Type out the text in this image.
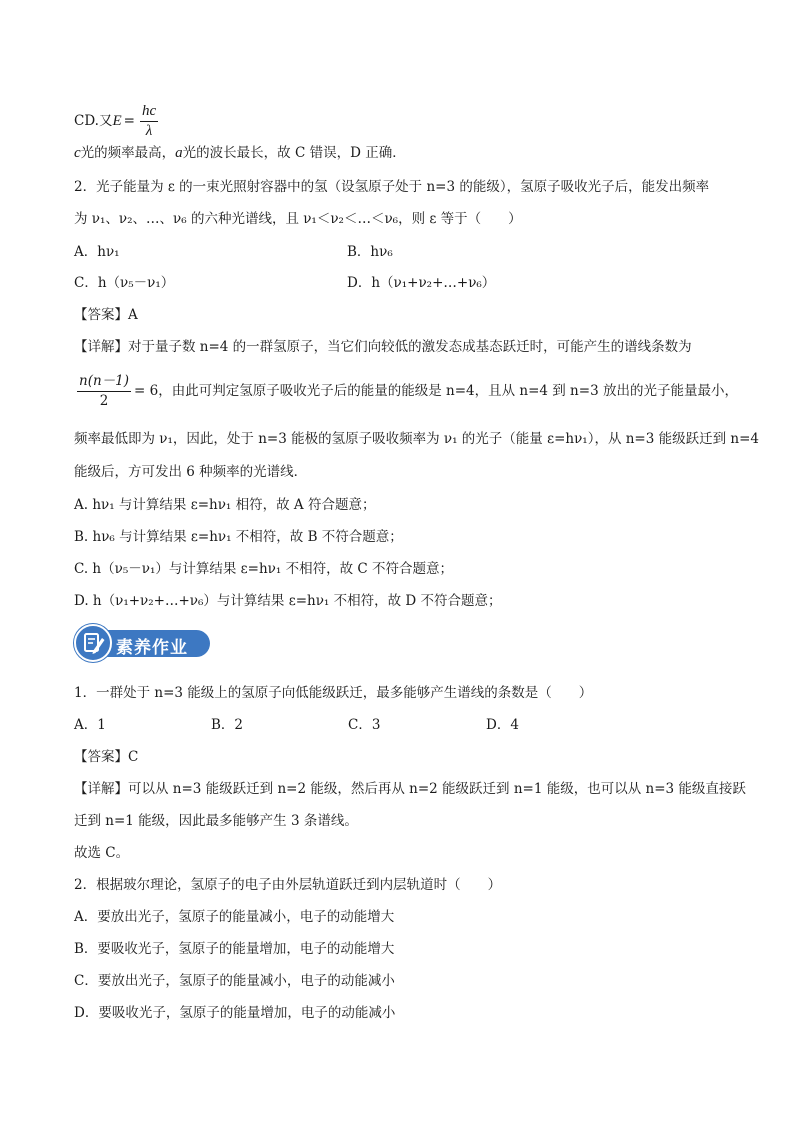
CD.又$E = \frac{hc}{\lambda}$
c光的频率最高，a光的波长最长，故 C 错误，D 正确．
2．光子能量为 ε 的一束光照射容器中的氢（设氢原子处于 n=3 的能级），氢原子吸收光子后，能发出频率
为 ν₁、ν₂、…、ν₆ 的六种光谱线，且 ν₁＜ν₂＜…＜ν₆，则 ε 等于（　　）
A．hν₁	B．hν₆
C．h（ν₅－ν₁）	D．h（ν₁+ν₂+…+ν₆）
【答案】A
【详解】对于量子数 n=4 的一群氢原子，当它们向较低的激发态成基态跃迁时，可能产生的谱线条数为
$\frac{n(n-1)}{2} = 6$，由此可判定氢原子吸收光子后的能量的能级是 n=4，且从 n=4 到 n=3 放出的光子能量最小，
频率最低即为 ν₁，因此，处于 n=3 能极的氢原子吸收频率为 ν₁ 的光子（能量 ε=hν₁），从 n=3 能级跃迁到 n=4
能级后，方可发出 6 种频率的光谱线．
A. hν₁ 与计算结果 ε=hν₁ 相符，故 A 符合题意；
B. hν₆ 与计算结果 ε=hν₁ 不相符，故 B 不符合题意；
C. h（ν₅－ν₁）与计算结果 ε=hν₁ 不相符，故 C 不符合题意；
D. h（ν₁+ν₂+…+ν₆）与计算结果 ε=hν₁ 不相符，故 D 不符合题意；
素养作业
1．一群处于 n=3 能级上的氢原子向低能级跃迁，最多能够产生谱线的条数是（　　）
A．1	B．2	C．3	D．4
【答案】C
【详解】可以从 n=3 能级跃迁到 n=2 能级，然后再从 n=2 能级跃迁到 n=1 能级，也可以从 n=3 能级直接跃
迁到 n=1 能级，因此最多能够产生 3 条谱线。
故选 C。
2．根据玻尔理论，氢原子的电子由外层轨道跃迁到内层轨道时（　　）
A．要放出光子，氢原子的能量减小，电子的动能增大
B．要吸收光子，氢原子的能量增加，电子的动能增大
C．要放出光子，氢原子的能量减小，电子的动能减小
D．要吸收光子，氢原子的能量增加，电子的动能减小
